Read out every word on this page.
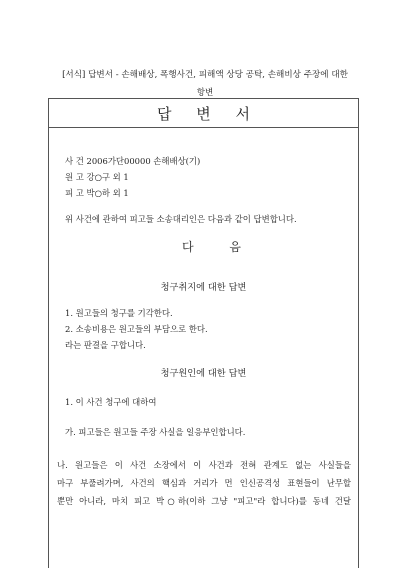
[서식] 답변서 - 손해배상, 폭행사건, 피해액 상당 공탁, 손해비상 주장에 대한
항변
답 변 서
사 건 2006가단00000 손해배상(기)
원 고 강○구 외 1
피 고 박○하 외 1
위 사건에 관하여 피고들 소송대리인은 다음과 같이 답변합니다.
다 음
청구취지에 대한 답변
1. 원고들의 청구를 기각한다.
2. 소송비용은 원고들의 부담으로 한다.
라는 판결을 구합니다.
청구원인에 대한 답변
1. 이 사건 청구에 대하여
가. 피고들은 원고들 주장 사실을 일응부인합니다.
나. 원고들은 이 사건 소장에서 이 사건과 전혀 관계도 없는 사실들을
마구 부풀려가며, 사건의 핵심과 거리가 먼 인신공격성 표현들이 난무할
뿐만 아니라, 마치 피고 박○하(이하 그냥 "피고"라 합니다)를 동네 건달
